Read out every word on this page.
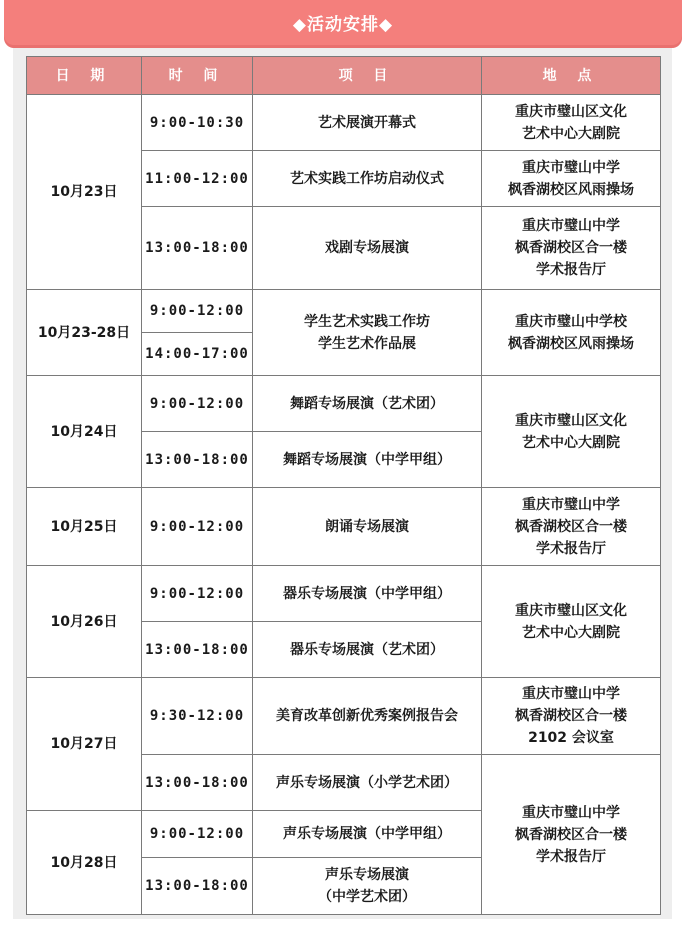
◆活动安排◆
日 期	时 间	项 目	地 点
10月23日	9:00-10:30	艺术展演开幕式	重庆市璧山区文化
艺术中心大剧院
	11:00-12:00	艺术实践工作坊启动仪式	重庆市璧山中学
枫香湖校区风雨操场
	13:00-18:00	戏剧专场展演	重庆市璧山中学
枫香湖校区合一楼
学术报告厅
10月23-28日	9:00-12:00	学生艺术实践工作坊
学生艺术作品展	重庆市璧山中学校
枫香湖校区风雨操场
	14:00-17:00		
10月24日	9:00-12:00	舞蹈专场展演（艺术团）	重庆市璧山区文化
艺术中心大剧院
	13:00-18:00	舞蹈专场展演（中学甲组）	
10月25日	9:00-12:00	朗诵专场展演	重庆市璧山中学
枫香湖校区合一楼
学术报告厅
10月26日	9:00-12:00	器乐专场展演（中学甲组）	重庆市璧山区文化
艺术中心大剧院
	13:00-18:00	器乐专场展演（艺术团）	
10月27日	9:30-12:00	美育改革创新优秀案例报告会	重庆市璧山中学
枫香湖校区合一楼
2102 会议室
	13:00-18:00	声乐专场展演（小学艺术团）	重庆市璧山中学
枫香湖校区合一楼
学术报告厅
10月28日	9:00-12:00	声乐专场展演（中学甲组）	
	13:00-18:00	声乐专场展演
（中学艺术团）	
